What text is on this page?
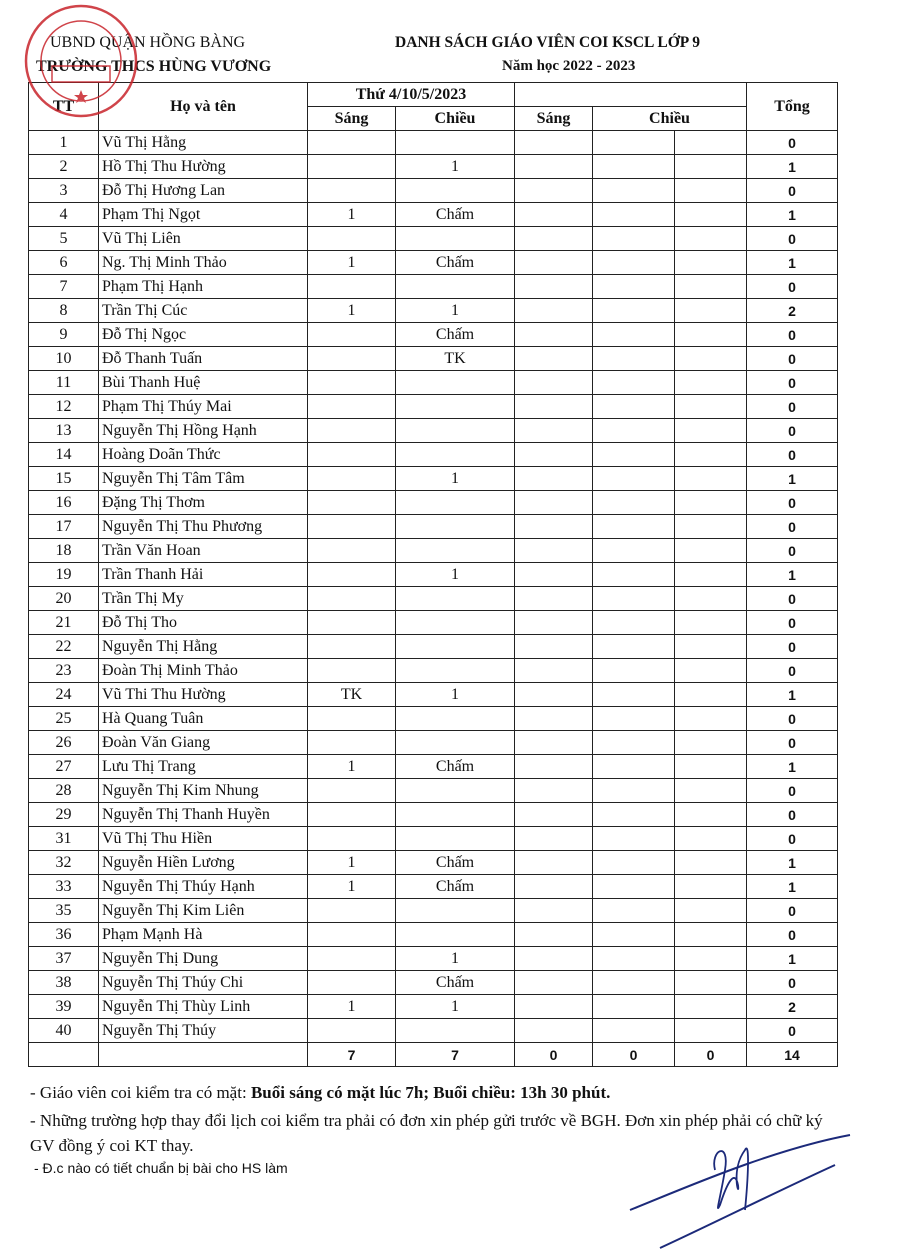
UBND QUẬN HỒNG BÀNG
TRƯỜNG THCS HÙNG VƯƠNG
DANH SÁCH GIÁO VIÊN COI KSCL LỚP 9
Năm học 2022 - 2023
TT	Họ và tên	Thứ 4/10/5/2023					Tổng
		Sáng	Chiều	Sáng	Chiều		
1	Vũ Thị Hằng						0
2	Hồ Thị Thu Hường		1				1
3	Đỗ Thị Hương Lan						0
4	Phạm Thị Ngọt	1	Chấm				1
5	Vũ Thị Liên						0
6	Ng. Thị Minh Thảo	1	Chấm				1
7	Phạm Thị Hạnh						0
8	Trần Thị Cúc	1	1				2
9	Đỗ Thị Ngọc		Chấm				0
10	Đỗ Thanh Tuấn		TK				0
11	Bùi Thanh Huệ						0
12	Phạm Thị Thúy Mai						0
13	Nguyễn Thị Hồng Hạnh						0
14	Hoàng Doãn Thức						0
15	Nguyễn Thị Tâm Tâm		1				1
16	Đặng Thị Thơm						0
17	Nguyễn Thị Thu Phương						0
18	Trần Văn Hoan						0
19	Trần Thanh Hải		1				1
20	Trần Thị My						0
21	Đỗ Thị Tho						0
22	Nguyễn Thị Hằng						0
23	Đoàn Thị Minh Thảo						0
24	Vũ Thi Thu Hường	TK	1				1
25	Hà Quang Tuân						0
26	Đoàn Văn Giang						0
27	Lưu Thị Trang	1	Chấm				1
28	Nguyễn Thị Kim Nhung						0
29	Nguyễn Thị Thanh Huyền						0
31	Vũ Thị Thu Hiền						0
32	Nguyễn Hiền Lương	1	Chấm				1
33	Nguyễn Thị Thúy Hạnh	1	Chấm				1
35	Nguyễn Thị Kim Liên						0
36	Phạm Mạnh Hà						0
37	Nguyễn Thị Dung		1				1
38	Nguyễn Thị Thúy Chi		Chấm				0
39	Nguyễn Thị Thùy Linh	1	1				2
40	Nguyễn Thị Thúy						0
		7	7	0	0	0	14
- Giáo viên coi kiểm tra có mặt: Buổi sáng có mặt lúc 7h; Buổi chiều: 13h 30 phút.
- Những trường hợp thay đổi lịch coi kiểm tra phải có đơn xin phép gửi trước về BGH. Đơn xin phép phải có chữ ký GV đồng ý coi KT thay.
- Đ.c nào có tiết chuẩn bị bài cho HS làm
